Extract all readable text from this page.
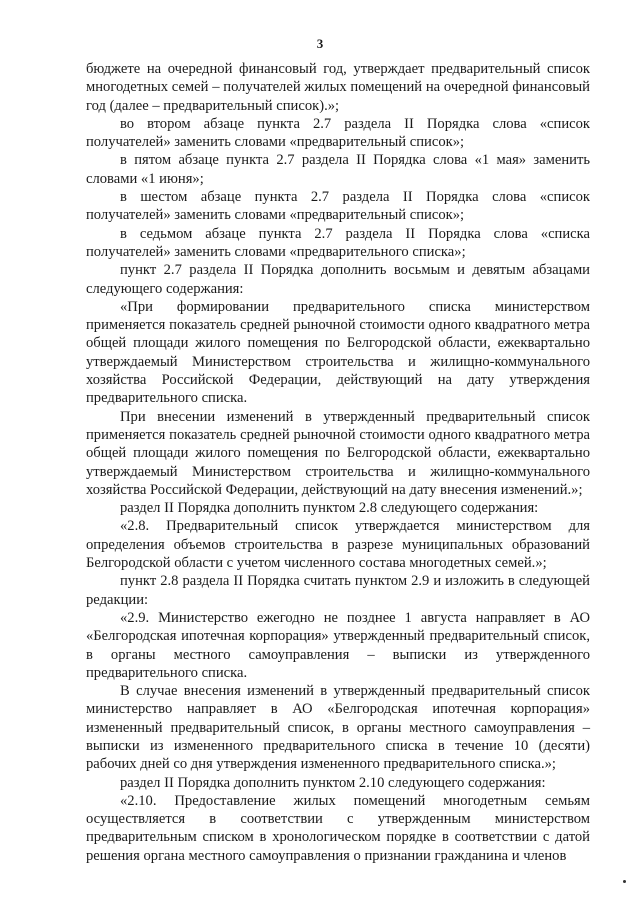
3

бюджете на очередной финансовый год, утверждает предварительный список многодетных семей – получателей жилых помещений на очередной финансовый год (далее – предварительный список).»;

во втором абзаце пункта 2.7 раздела II Порядка слова «список получателей» заменить словами «предварительный список»;

в пятом абзаце пункта 2.7 раздела II Порядка слова «1 мая» заменить словами «1 июня»;

в шестом абзаце пункта 2.7 раздела II Порядка слова «список получателей» заменить словами «предварительный список»;

в седьмом абзаце пункта 2.7 раздела II Порядка слова «списка получателей» заменить словами «предварительного списка»;

пункт 2.7 раздела II Порядка дополнить восьмым и девятым абзацами следующего содержания:

«При формировании предварительного списка министерством применяется показатель средней рыночной стоимости одного квадратного метра общей площади жилого помещения по Белгородской области, ежеквартально утверждаемый Министерством строительства и жилищно-коммунального хозяйства Российской Федерации, действующий на дату утверждения предварительного списка.

При внесении изменений в утвержденный предварительный список применяется показатель средней рыночной стоимости одного квадратного метра общей площади жилого помещения по Белгородской области, ежеквартально утверждаемый Министерством строительства и жилищно-коммунального хозяйства Российской Федерации, действующий на дату внесения изменений.»;

раздел II Порядка дополнить пунктом 2.8 следующего содержания:

«2.8. Предварительный список утверждается министерством для определения объемов строительства в разрезе муниципальных образований Белгородской области с учетом численного состава многодетных семей.»;

пункт 2.8 раздела II Порядка считать пунктом 2.9 и изложить в следующей редакции:

«2.9. Министерство ежегодно не позднее 1 августа направляет в АО «Белгородская ипотечная корпорация» утвержденный предварительный список, в органы местного самоуправления – выписки из утвержденного предварительного списка.

В случае внесения изменений в утвержденный предварительный список министерство направляет в АО «Белгородская ипотечная корпорация» измененный предварительный список, в органы местного самоуправления – выписки из измененного предварительного списка в течение 10 (десяти) рабочих дней со дня утверждения измененного предварительного списка.»;

раздел II Порядка дополнить пунктом 2.10 следующего содержания:

«2.10. Предоставление жилых помещений многодетным семьям осуществляется в соответствии с утвержденным министерством предварительным списком в хронологическом порядке в соответствии с датой решения органа местного самоуправления о признании гражданина и членов
